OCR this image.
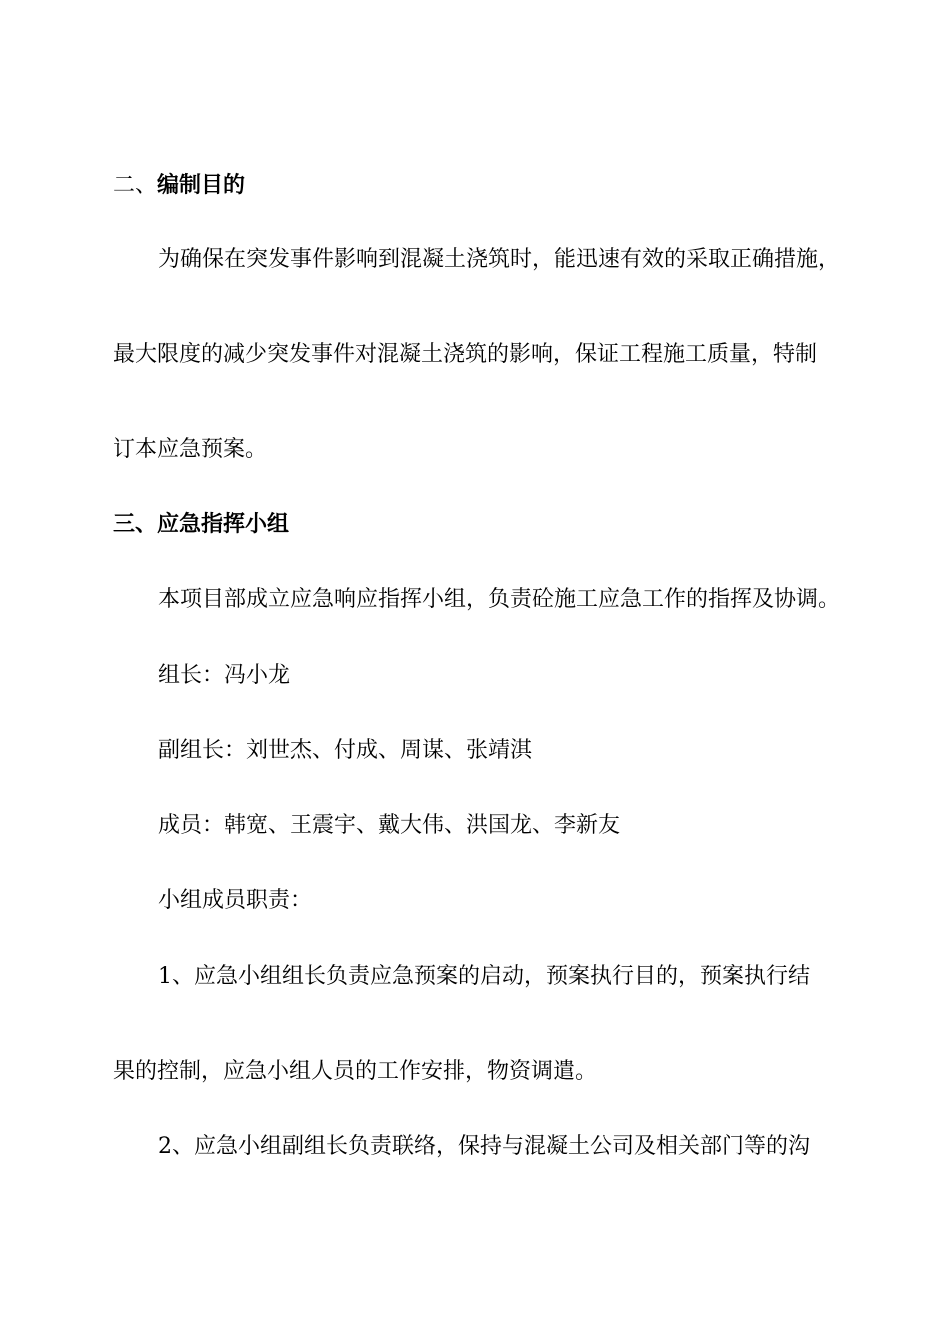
二、编制目的
为确保在突发事件影响到混凝土浇筑时，能迅速有效的采取正确措施，
最大限度的减少突发事件对混凝土浇筑的影响，保证工程施工质量，特制
订本应急预案。
三、应急指挥小组
本项目部成立应急响应指挥小组，负责砼施工应急工作的指挥及协调。
组长：冯小龙
副组长：刘世杰、付成、周谋、张靖淇
成员：韩宽、王震宇、戴大伟、洪国龙、李新友
小组成员职责：
1、应急小组组长负责应急预案的启动，预案执行目的，预案执行结
果的控制，应急小组人员的工作安排，物资调遣。
2、应急小组副组长负责联络，保持与混凝土公司及相关部门等的沟
